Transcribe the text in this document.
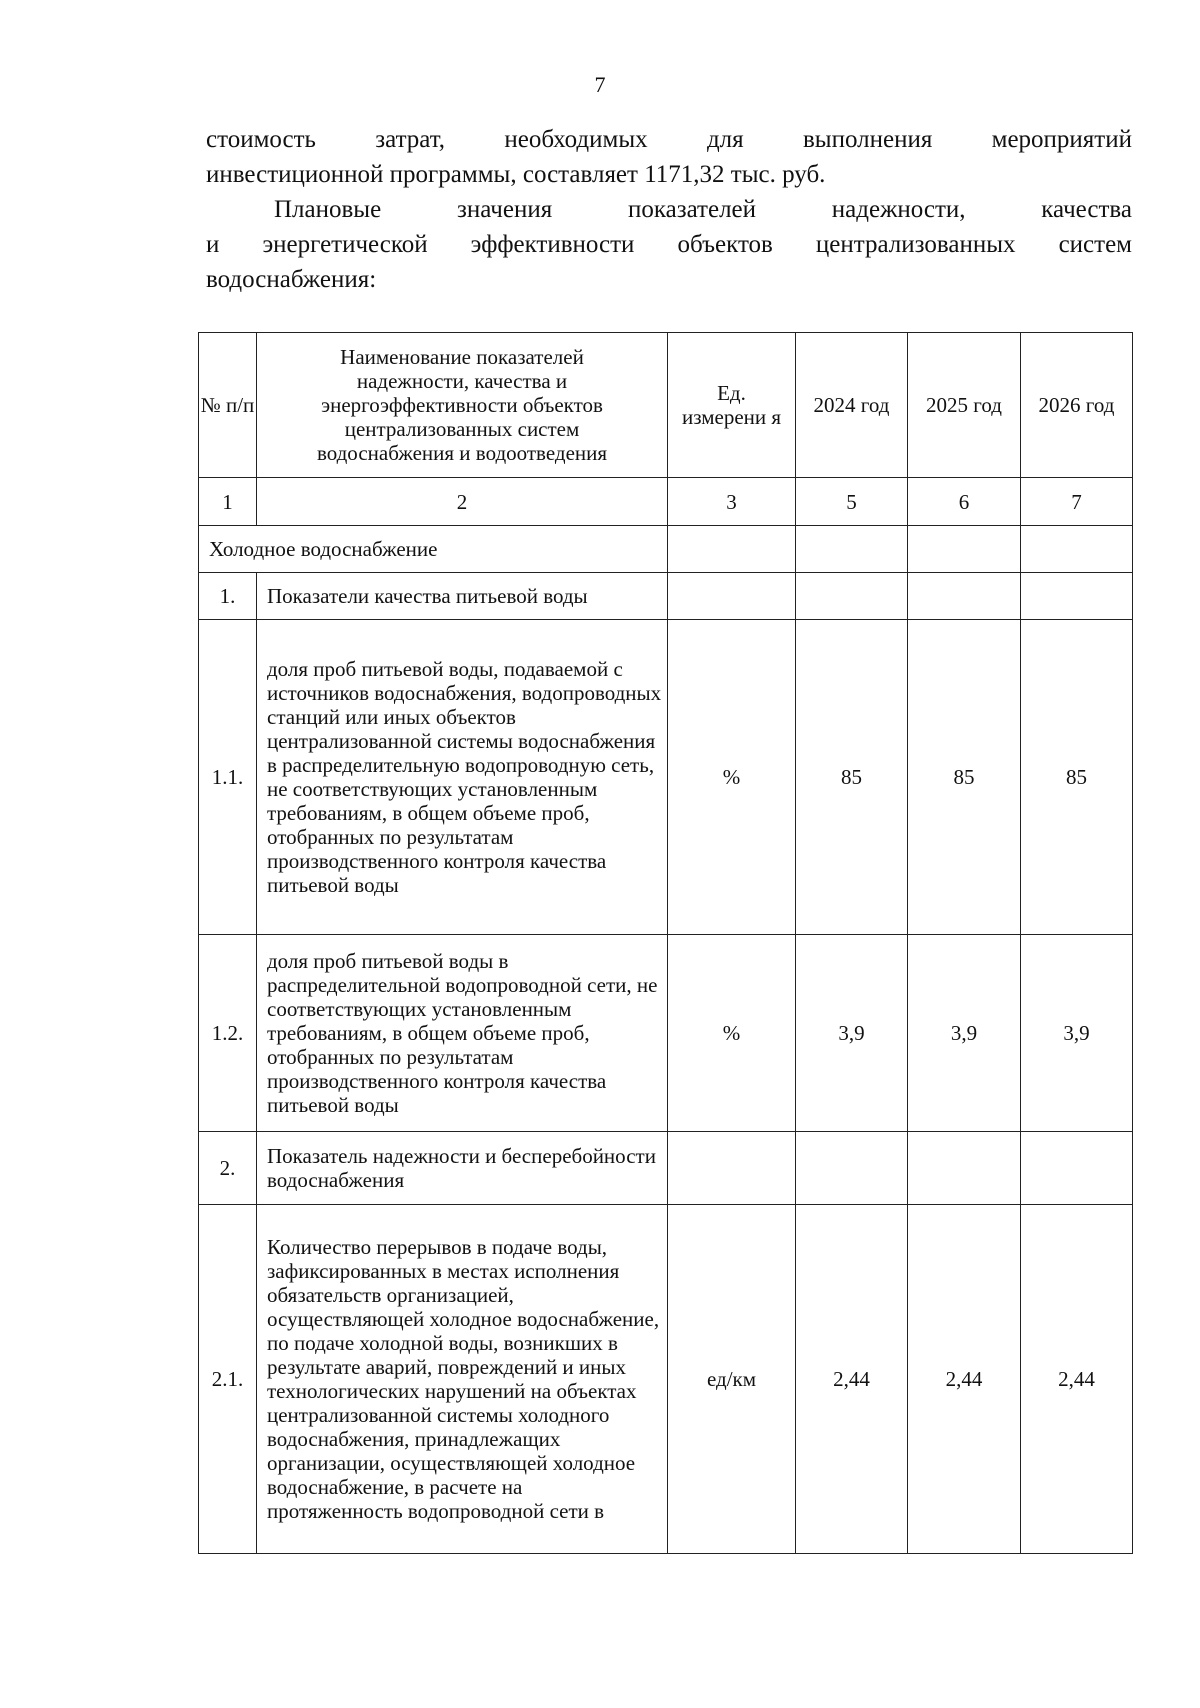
7
стоимость затрат, необходимых для выполнения мероприятий
инвестиционной программы, составляет 1171,32 тыс. руб.
Плановые значения показателей надежности, качества
и энергетической эффективности объектов централизованных систем
водоснабжения:
№ п/п	Наименование показателей надежности, качества и энергоэффективности объектов централизованных систем водоснабжения и водоотведения	Ед. измерени я	2024 год	2025 год	2026 год
1	2	3	5	6	7
Холодное водоснабжение					
1.	Показатели качества питьевой воды				
1.1.	доля проб питьевой воды, подаваемой с источников водоснабжения, водопроводных станций или иных объектов централизованной системы водоснабжения в распределительную водопроводную сеть, не соответствующих установленным требованиям, в общем объеме проб, отобранных по результатам производственного контроля качества питьевой воды	%	85	85	85
1.2.	доля проб питьевой воды в распределительной водопроводной сети, не соответствующих установленным требованиям, в общем объеме проб, отобранных по результатам производственного контроля качества питьевой воды	%	3,9	3,9	3,9
2.	Показатель надежности и бесперебойности водоснабжения				
2.1.	Количество перерывов в подаче воды, зафиксированных в местах исполнения обязательств организацией, осуществляющей холодное водоснабжение, по подаче холодной воды, возникших в результате аварий, повреждений и иных технологических нарушений на объектах централизованной системы холодного водоснабжения, принадлежащих организации, осуществляющей холодное водоснабжение, в расчете на протяженность водопроводной сети в	ед/км	2,44	2,44	2,44
